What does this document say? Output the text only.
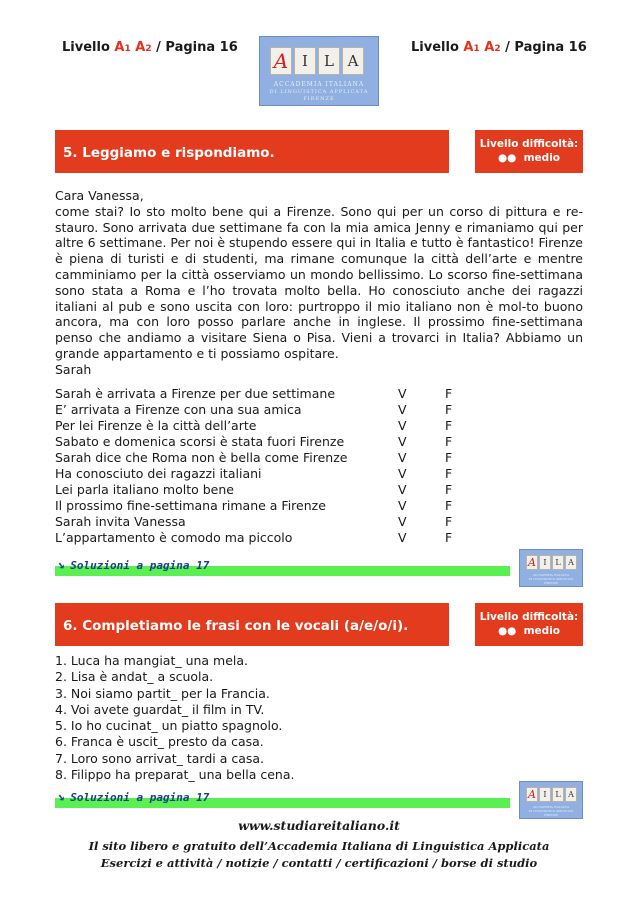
Livello A1 A2 / Pagina 16	Livello A1 A2 / Pagina 16
A I	L A
ACCADEMIA ITALIANA
DI LINGUISTICA APPLICATA
FIRENZE
5. Leggiamo e rispondiamo.
Livello difficoltà:
●● medio

Cara Vanessa,

come stai? Io sto molto bene qui a Firenze. Sono qui per un corso di pittura e re-stauro. Sono arrivata due settimane fa con la mia amica Jenny e rimaniamo qui per altre 6 settimane. Per noi è stupendo essere qui in Italia e tutto è fantastico! Firenze è piena di turisti e di studenti, ma rimane comunque la città dell’arte e mentre camminiamo per la città osserviamo un mondo bellissimo. Lo scorso fine-settimana sono stata a Roma e l’ho trovata molto bella. Ho conosciuto anche dei ragazzi italiani al pub e sono uscita con loro: purtroppo il mio italiano non è mol-to buono ancora, ma con loro posso parlare anche in inglese. Il prossimo fine-settimana penso che andiamo a visitare Siena o Pisa. Vieni a trovarci in Italia? Abbiamo un grande appartamento e ti possiamo ospitare.

Sarah

Sarah è arrivata a Firenze per due settimane	V	F
E’ arrivata a Firenze con una sua amica	V	F
Per lei Firenze è la città dell’arte	V	F
Sabato e domenica scorsi è stata fuori Firenze	V	F
Sarah dice che Roma non è bella come Firenze	V	F
Ha conosciuto dei ragazzi italiani	V	F
Lei parla italiano molto bene	V	F
Il prossimo fine-settimana rimane a Firenze	V	F
Sarah invita Vanessa	V	F
L’appartamento è comodo ma piccolo	V	F
➘ Soluzioni a pagina 17	A I	L A
ACCADEMIA ITALIANA
DI LINGUISTICA APPLICATA
FIRENZE
6. Completiamo le frasi con le vocali (a/e/o/i).
Livello difficoltà:
●● medio

1. Luca ha mangiat_ una mela.

2. Lisa è andat_ a scuola.

3. Noi siamo partit_ per la Francia.

4. Voi avete guardat_ il film in TV.

5. Io ho cucinat_ un piatto spagnolo.

6. Franca è uscit_ presto da casa.

7. Loro sono arrivat_ tardi a casa.

8. Filippo ha preparat_ una bella cena.

➘ Soluzioni a pagina 17	A I	L A
ACCADEMIA ITALIANA
DI LINGUISTICA APPLICATA
FIRENZE
www.studiareitaliano.it
Il sito libero e gratuito dell’Accademia Italiana di Linguistica Applicata
Esercizi e attività / notizie / contatti / certificazioni / borse di studio
